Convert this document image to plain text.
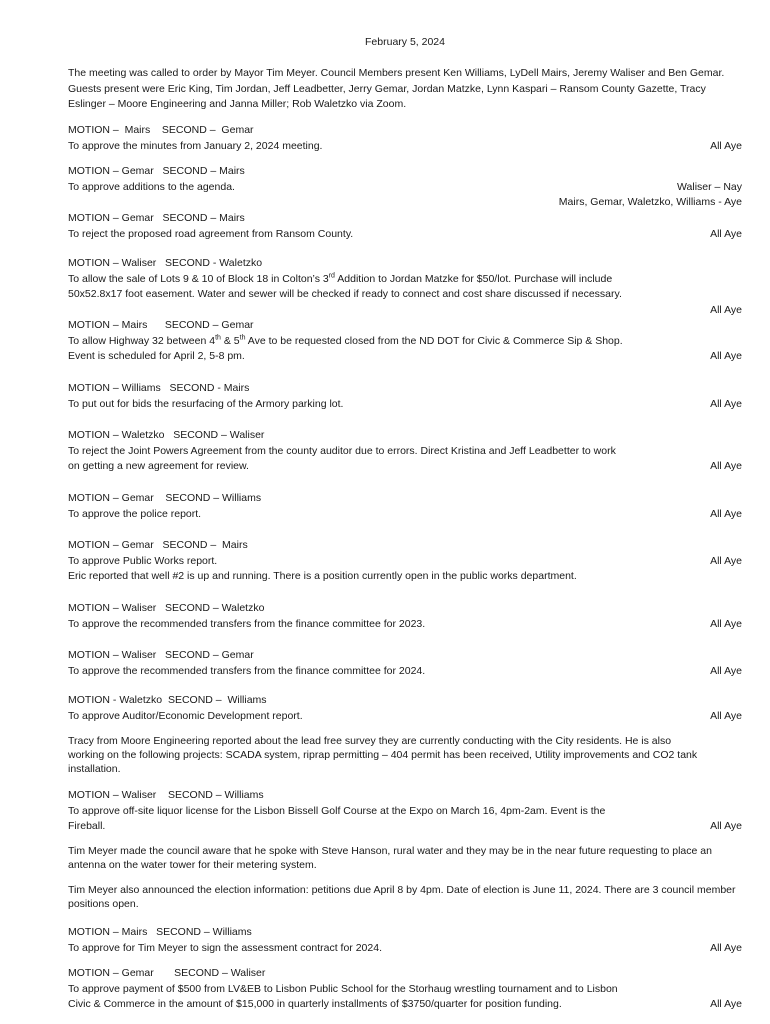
February 5, 2024
The meeting was called to order by Mayor Tim Meyer. Council Members present Ken Williams, LyDell Mairs, Jeremy Waliser and Ben Gemar. Guests present were Eric King, Tim Jordan, Jeff Leadbetter, Jerry Gemar, Jordan Matzke, Lynn Kaspari – Ransom County Gazette, Tracy Eslinger – Moore Engineering and Janna Miller; Rob Waletzko via Zoom.
MOTION –  Mairs    SECOND –  Gemar
To approve the minutes from January 2, 2024 meeting.	All Aye
MOTION – Gemar   SECOND – Mairs
To approve additions to the agenda.	Waliser – Nay
Mairs, Gemar, Waletzko, Williams - Aye
MOTION – Gemar   SECOND – Mairs
To reject the proposed road agreement from Ransom County.	All Aye
MOTION – Waliser   SECOND - Waletzko
To allow the sale of Lots 9 & 10 of Block 18 in Colton’s 3rd Addition to Jordan Matzke for $50/lot. Purchase will include
50x52.8x17 foot easement. Water and sewer will be checked if ready to connect and cost share discussed if necessary.
All Aye
MOTION – Mairs      SECOND – Gemar
To allow Highway 32 between 4th & 5th Ave to be requested closed from the ND DOT for Civic & Commerce Sip & Shop.
Event is scheduled for April 2, 5-8 pm.	All Aye
MOTION – Williams   SECOND - Mairs
To put out for bids the resurfacing of the Armory parking lot.	All Aye
MOTION – Waletzko   SECOND – Waliser
To reject the Joint Powers Agreement from the county auditor due to errors. Direct Kristina and Jeff Leadbetter to work
on getting a new agreement for review.	All Aye
MOTION – Gemar    SECOND – Williams
To approve the police report.	All Aye
MOTION – Gemar   SECOND –  Mairs
To approve Public Works report.	All Aye
Eric reported that well #2 is up and running. There is a position currently open in the public works department.
MOTION – Waliser   SECOND – Waletzko
To approve the recommended transfers from the finance committee for 2023.	All Aye
MOTION – Waliser   SECOND – Gemar
To approve the recommended transfers from the finance committee for 2024.	All Aye
MOTION - Waletzko  SECOND –  Williams
To approve Auditor/Economic Development report.	All Aye
Tracy from Moore Engineering reported about the lead free survey they are currently conducting with the City residents. He is also working on the following projects: SCADA system, riprap permitting – 404 permit has been received, Utility improvements and CO2 tank installation.
MOTION – Waliser    SECOND – Williams
To approve off-site liquor license for the Lisbon Bissell Golf Course at the Expo on March 16, 4pm-2am. Event is the
Fireball.	All Aye
Tim Meyer made the council aware that he spoke with Steve Hanson, rural water and they may be in the near future requesting to place an antenna on the water tower for their metering system.
Tim Meyer also announced the election information: petitions due April 8 by 4pm. Date of election is June 11, 2024. There are 3 council member positions open.
MOTION – Mairs   SECOND – Williams
To approve for Tim Meyer to sign the assessment contract for 2024.	All Aye
MOTION – Gemar       SECOND – Waliser
To approve payment of $500 from LV&EB to Lisbon Public School for the Storhaug wrestling tournament and to Lisbon
Civic & Commerce in the amount of $15,000 in quarterly installments of $3750/quarter for position funding.	All Aye
